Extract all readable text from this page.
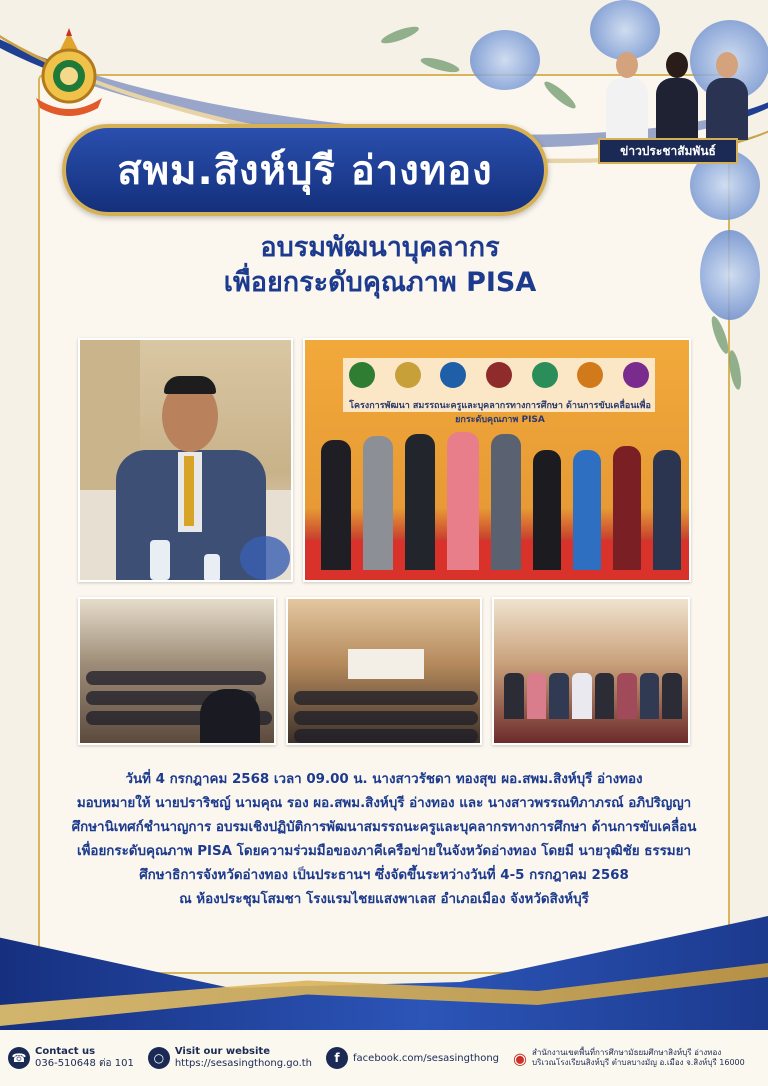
ข่าวประชาสัมพันธ์
สพม.สิงห์บุรี อ่างทอง
อบรมพัฒนาบุคลากร
เพื่อยกระดับคุณภาพ PISA
โครงการพัฒนา สมรรถนะครูและบุคลากรทางการศึกษา ด้านการขับเคลื่อนเพื่อยกระดับคุณภาพ PISA
วันที่ 4 กรกฎาคม 2568 เวลา 09.00 น. นางสาวรัชดา ทองสุข ผอ.สพม.สิงห์บุรี อ่างทอง
มอบหมายให้ นายปราริชญ์ นามคุณ รอง ผอ.สพม.สิงห์บุรี อ่างทอง และ นางสาวพรรณทิภาภรณ์ อภิปริญญา
ศึกษานิเทศก์ชำนาญการ อบรมเชิงปฏิบัติการพัฒนาสมรรถนะครูและบุคลากรทางการศึกษา ด้านการขับเคลื่อน
เพื่อยกระดับคุณภาพ PISA โดยความร่วมมือของภาคีเครือข่ายในจังหวัดอ่างทอง โดยมี นายวุฒิชัย ธรรมยา
ศึกษาธิการจังหวัดอ่างทอง เป็นประธานฯ ซึ่งจัดขึ้นระหว่างวันที่ 4-5 กรกฎาคม 2568
ณ ห้องประชุมโสมชา โรงแรมไชยแสงพาเลส อำเภอเมือง จังหวัดสิงห์บุรี
☎ Contact us
036-510648 ต่อ 101	○	Visit our website
https://sesasingthong.go.th	f	facebook.com/sesasingthong ◉ สำนักงานเขตพื้นที่การศึกษามัธยมศึกษาสิงห์บุรี อ่างทอง
บริเวณโรงเรียนสิงห์บุรี ตำบลบางมัญ อ.เมือง จ.สิงห์บุรี 16000
